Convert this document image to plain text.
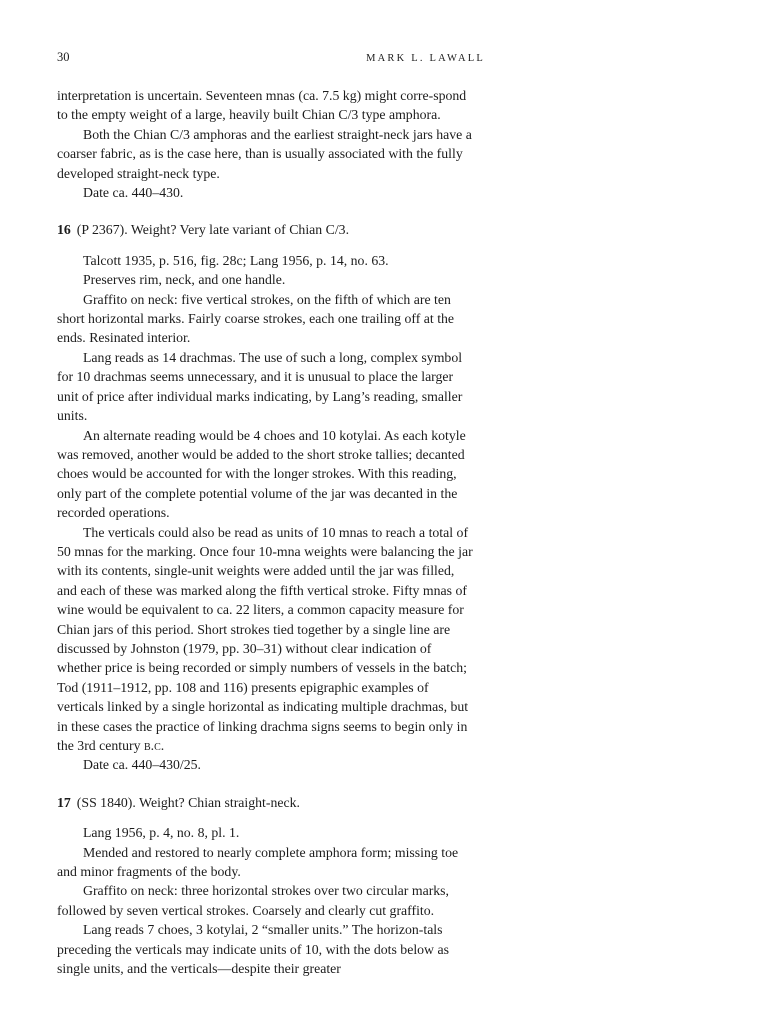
30	MARK L. LAWALL

interpretation is uncertain. Seventeen mnas (ca. 7.5 kg) might corre-spond to the empty weight of a large, heavily built Chian C/3 type amphora.

Both the Chian C/3 amphoras and the earliest straight-neck jars have a coarser fabric, as is the case here, than is usually associated with the fully developed straight-neck type.

Date ca. 440–430.

16 (P 2367). Weight? Very late variant of Chian C/3.

Talcott 1935, p. 516, fig. 28c; Lang 1956, p. 14, no. 63.

Preserves rim, neck, and one handle.

Graffito on neck: five vertical strokes, on the fifth of which are ten short horizontal marks. Fairly coarse strokes, each one trailing off at the ends. Resinated interior.

Lang reads as 14 drachmas. The use of such a long, complex symbol for 10 drachmas seems unnecessary, and it is unusual to place the larger unit of price after individual marks indicating, by Lang’s reading, smaller units.

An alternate reading would be 4 choes and 10 kotylai. As each kotyle was removed, another would be added to the short stroke tallies; decanted choes would be accounted for with the longer strokes. With this reading, only part of the complete potential volume of the jar was decanted in the recorded operations.

The verticals could also be read as units of 10 mnas to reach a total of 50 mnas for the marking. Once four 10-mna weights were balancing the jar with its contents, single-unit weights were added until the jar was filled, and each of these was marked along the fifth vertical stroke. Fifty mnas of wine would be equivalent to ca. 22 liters, a common capacity measure for Chian jars of this period. Short strokes tied together by a single line are discussed by Johnston (1979, pp. 30–31) without clear indication of whether price is being recorded or simply numbers of vessels in the batch; Tod (1911–1912, pp. 108 and 116) presents epigraphic examples of verticals linked by a single horizontal as indicating multiple drachmas, but in these cases the practice of linking drachma signs seems to begin only in the 3rd century b.c.

Date ca. 440–430/25.

17 (SS 1840). Weight? Chian straight-neck.

Lang 1956, p. 4, no. 8, pl. 1.

Mended and restored to nearly complete amphora form; missing toe and minor fragments of the body.

Graffito on neck: three horizontal strokes over two circular marks, followed by seven vertical strokes. Coarsely and clearly cut graffito.

Lang reads 7 choes, 3 kotylai, 2 “smaller units.” The horizon-tals preceding the verticals may indicate units of 10, with the dots below as single units, and the verticals—despite their greater
